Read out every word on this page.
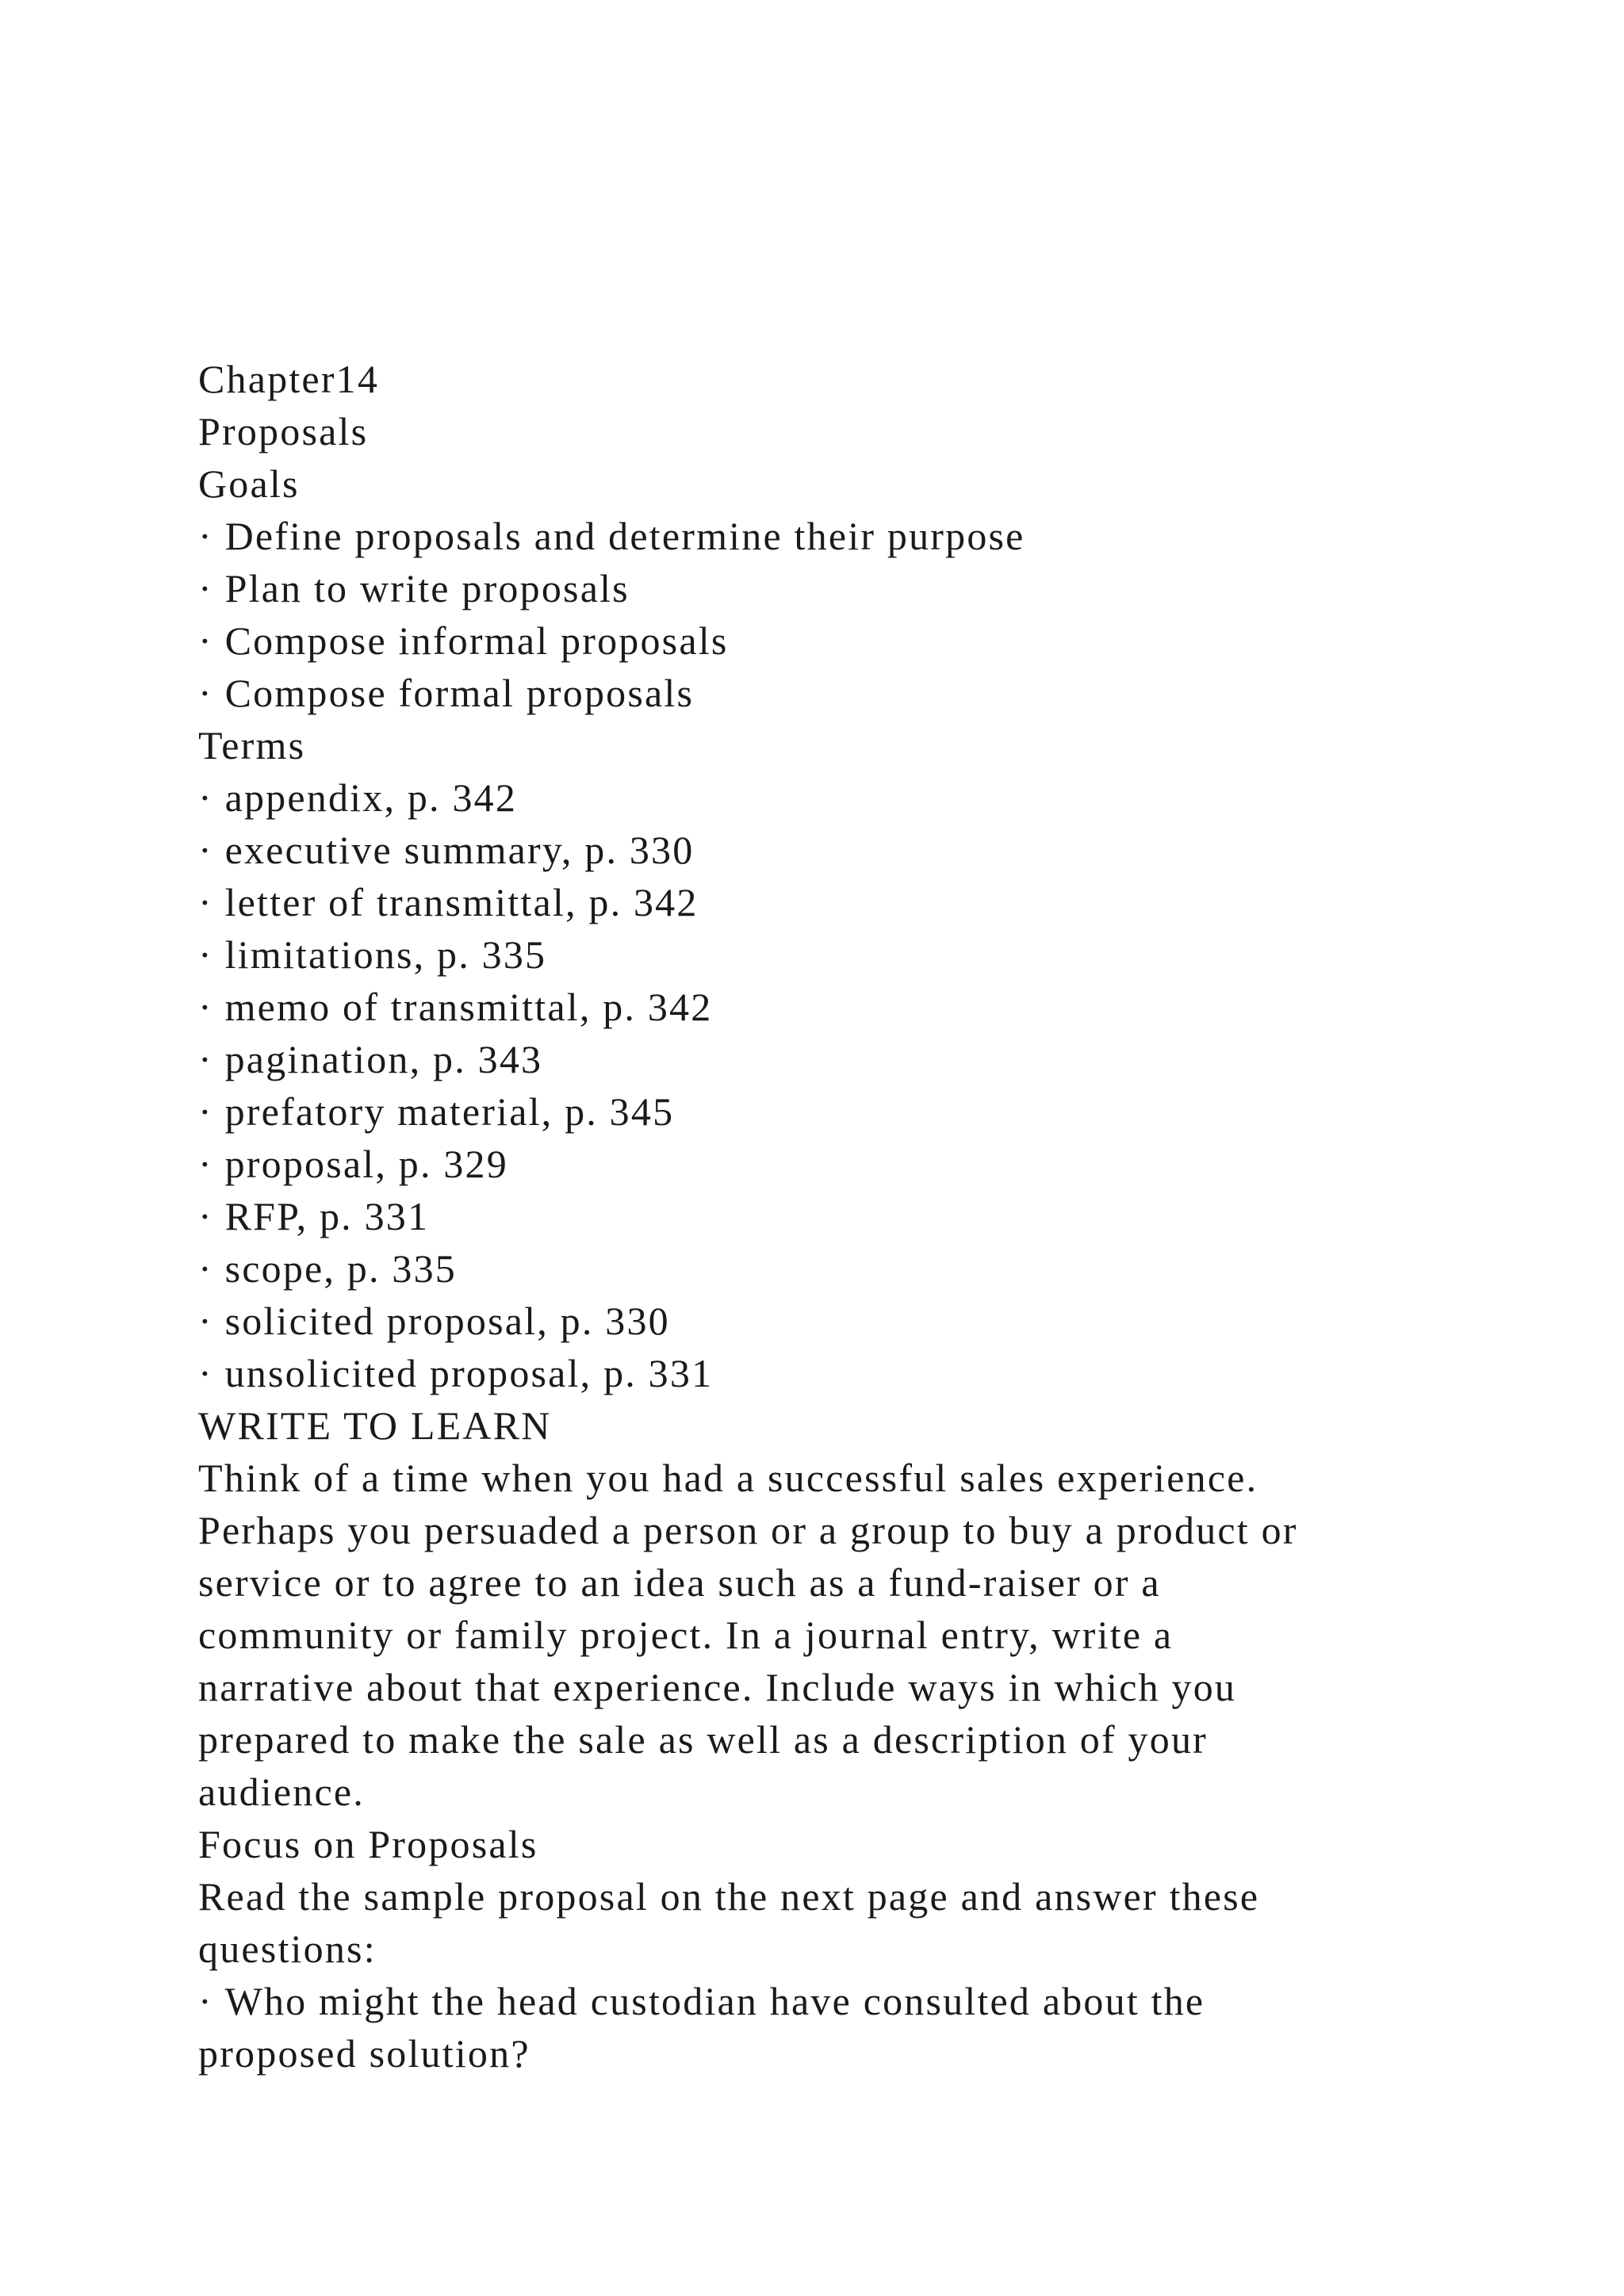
Chapter14
Proposals
Goals
· Define proposals and determine their purpose
· Plan to write proposals
· Compose informal proposals
· Compose formal proposals
Terms
· appendix, p. 342
· executive summary, p. 330
· letter of transmittal, p. 342
· limitations, p. 335
· memo of transmittal, p. 342
· pagination, p. 343
· prefatory material, p. 345
· proposal, p. 329
· RFP, p. 331
· scope, p. 335
· solicited proposal, p. 330
· unsolicited proposal, p. 331
WRITE TO LEARN
Think of a time when you had a successful sales experience.
Perhaps you persuaded a person or a group to buy a product or
service or to agree to an idea such as a fund-raiser or a
community or family project. In a journal entry, write a
narrative about that experience. Include ways in which you
prepared to make the sale as well as a description of your
audience.
Focus on Proposals
Read the sample proposal on the next page and answer these
questions:
· Who might the head custodian have consulted about the
proposed solution?
